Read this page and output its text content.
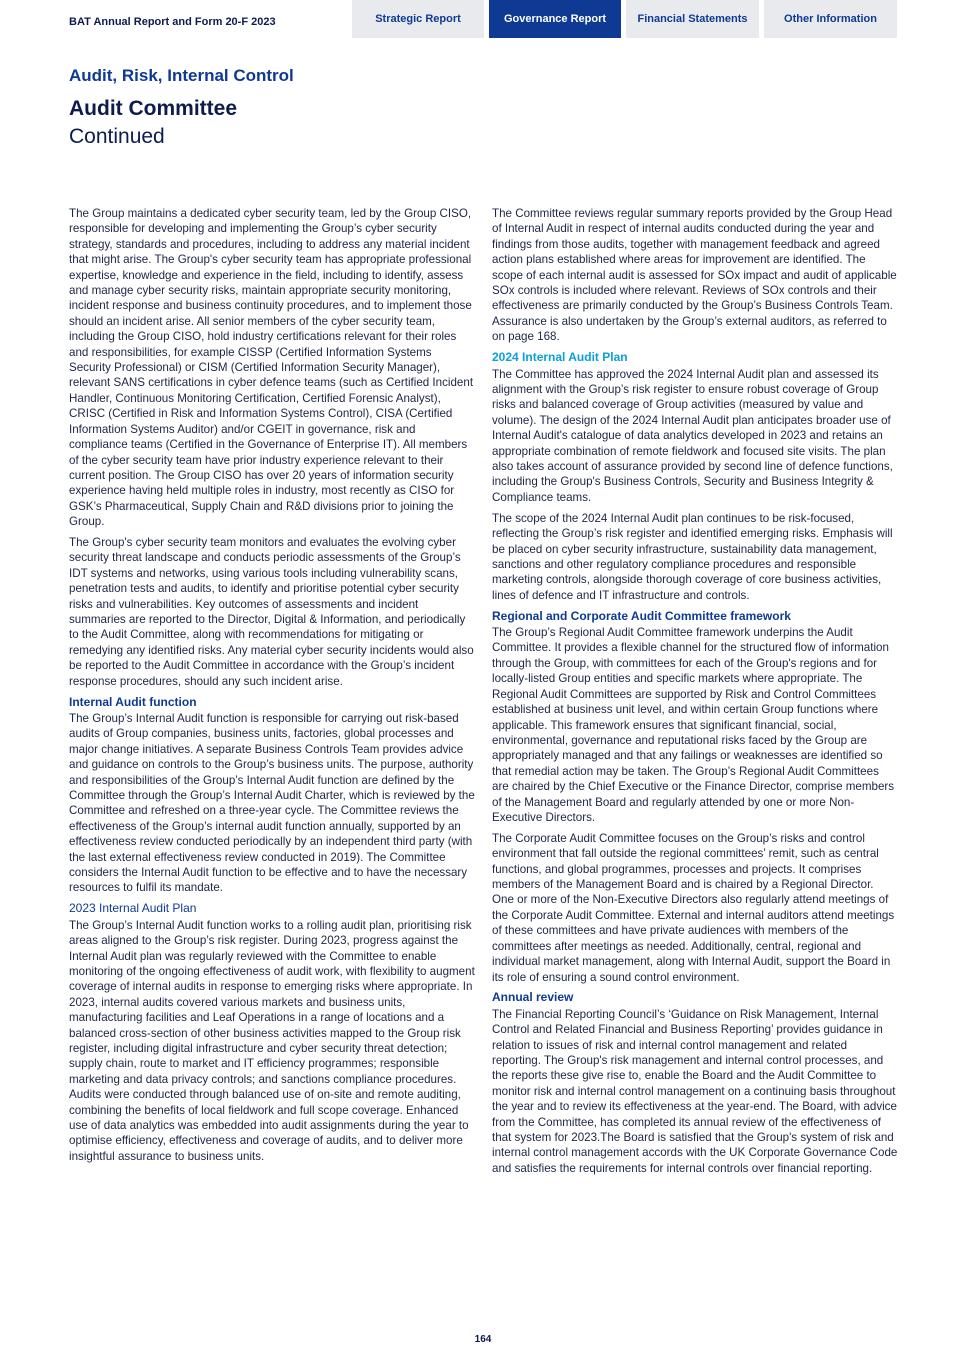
BAT Annual Report and Form 20-F 2023	Strategic Report	Governance Report	Financial Statements	Other Information
Audit, Risk, Internal Control
Audit Committee
Continued

The Group maintains a dedicated cyber security team, led by the Group CISO, responsible for developing and implementing the Group’s cyber security strategy, standards and procedures, including to address any material incident that might arise. The Group's cyber security team has appropriate professional expertise, knowledge and experience in the field, including to identify, assess and manage cyber security risks, maintain appropriate security monitoring, incident response and business continuity procedures, and to implement those should an incident arise. All senior members of the cyber security team, including the Group CISO, hold industry certifications relevant for their roles and responsibilities, for example CISSP (Certified Information Systems Security Professional) or CISM (Certified Information Security Manager), relevant SANS certifications in cyber defence teams (such as Certified Incident Handler, Continuous Monitoring Certification, Certified Forensic Analyst), CRISC (Certified in Risk and Information Systems Control), CISA (Certified Information Systems Auditor) and/or CGEIT in governance, risk and compliance teams (Certified in the Governance of Enterprise IT). All members of the cyber security team have prior industry experience relevant to their current position. The Group CISO has over 20 years of information security experience having held multiple roles in industry, most recently as CISO for GSK’s Pharmaceutical, Supply Chain and R&D divisions prior to joining the Group.

The Group's cyber security team monitors and evaluates the evolving cyber security threat landscape and conducts periodic assessments of the Group’s IDT systems and networks, using various tools including vulnerability scans, penetration tests and audits, to identify and prioritise potential cyber security risks and vulnerabilities. Key outcomes of assessments and incident summaries are reported to the Director, Digital & Information, and periodically to the Audit Committee, along with recommendations for mitigating or remedying any identified risks. Any material cyber security incidents would also be reported to the Audit Committee in accordance with the Group’s incident response procedures, should any such incident arise.

Internal Audit function

The Group’s Internal Audit function is responsible for carrying out risk-based audits of Group companies, business units, factories, global processes and major change initiatives. A separate Business Controls Team provides advice and guidance on controls to the Group’s business units. The purpose, authority and responsibilities of the Group’s Internal Audit function are defined by the Committee through the Group’s Internal Audit Charter, which is reviewed by the Committee and refreshed on a three-year cycle. The Committee reviews the effectiveness of the Group’s internal audit function annually, supported by an effectiveness review conducted periodically by an independent third party (with the last external effectiveness review conducted in 2019). The Committee considers the Internal Audit function to be effective and to have the necessary resources to fulfil its mandate.

2023 Internal Audit Plan

The Group’s Internal Audit function works to a rolling audit plan, prioritising risk areas aligned to the Group’s risk register. During 2023, progress against the Internal Audit plan was regularly reviewed with the Committee to enable monitoring of the ongoing effectiveness of audit work, with flexibility to augment coverage of internal audits in response to emerging risks where appropriate. In 2023, internal audits covered various markets and business units, manufacturing facilities and Leaf Operations in a range of locations and a balanced cross-section of other business activities mapped to the Group risk register, including digital infrastructure and cyber security threat detection; supply chain, route to market and IT efficiency programmes; responsible marketing and data privacy controls; and sanctions compliance procedures. Audits were conducted through balanced use of on-site and remote auditing, combining the benefits of local fieldwork and full scope coverage. Enhanced use of data analytics was embedded into audit assignments during the year to optimise efficiency, effectiveness and coverage of audits, and to deliver more insightful assurance to business units.

The Committee reviews regular summary reports provided by the Group Head of Internal Audit in respect of internal audits conducted during the year and findings from those audits, together with management feedback and agreed action plans established where areas for improvement are identified. The scope of each internal audit is assessed for SOx impact and audit of applicable SOx controls is included where relevant. Reviews of SOx controls and their effectiveness are primarily conducted by the Group’s Business Controls Team. Assurance is also undertaken by the Group’s external auditors, as referred to on page 168.

2024 Internal Audit Plan

The Committee has approved the 2024 Internal Audit plan and assessed its alignment with the Group’s risk register to ensure robust coverage of Group risks and balanced coverage of Group activities (measured by value and volume). The design of the 2024 Internal Audit plan anticipates broader use of Internal Audit's catalogue of data analytics developed in 2023 and retains an appropriate combination of remote fieldwork and focused site visits. The plan also takes account of assurance provided by second line of defence functions, including the Group's Business Controls, Security and Business Integrity & Compliance teams.

The scope of the 2024 Internal Audit plan continues to be risk-focused, reflecting the Group’s risk register and identified emerging risks. Emphasis will be placed on cyber security infrastructure, sustainability data management, sanctions and other regulatory compliance procedures and responsible marketing controls, alongside thorough coverage of core business activities, lines of defence and IT infrastructure and controls.

Regional and Corporate Audit Committee framework

The Group’s Regional Audit Committee framework underpins the Audit Committee. It provides a flexible channel for the structured flow of information through the Group, with committees for each of the Group's regions and for locally-listed Group entities and specific markets where appropriate. The Regional Audit Committees are supported by Risk and Control Committees established at business unit level, and within certain Group functions where applicable. This framework ensures that significant financial, social, environmental, governance and reputational risks faced by the Group are appropriately managed and that any failings or weaknesses are identified so that remedial action may be taken. The Group’s Regional Audit Committees are chaired by the Chief Executive or the Finance Director, comprise members of the Management Board and regularly attended by one or more Non-Executive Directors.

The Corporate Audit Committee focuses on the Group’s risks and control environment that fall outside the regional committees’ remit, such as central functions, and global programmes, processes and projects. It comprises members of the Management Board and is chaired by a Regional Director. One or more of the Non-Executive Directors also regularly attend meetings of the Corporate Audit Committee. External and internal auditors attend meetings of these committees and have private audiences with members of the committees after meetings as needed. Additionally, central, regional and individual market management, along with Internal Audit, support the Board in its role of ensuring a sound control environment.

Annual review

The Financial Reporting Council’s ‘Guidance on Risk Management, Internal Control and Related Financial and Business Reporting’ provides guidance in relation to issues of risk and internal control management and related reporting. The Group's risk management and internal control processes, and the reports these give rise to, enable the Board and the Audit Committee to monitor risk and internal control management on a continuing basis throughout the year and to review its effectiveness at the year-end. The Board, with advice from the Committee, has completed its annual review of the effectiveness of that system for 2023.The Board is satisfied that the Group's system of risk and internal control management accords with the UK Corporate Governance Code and satisfies the requirements for internal controls over financial reporting.

164
